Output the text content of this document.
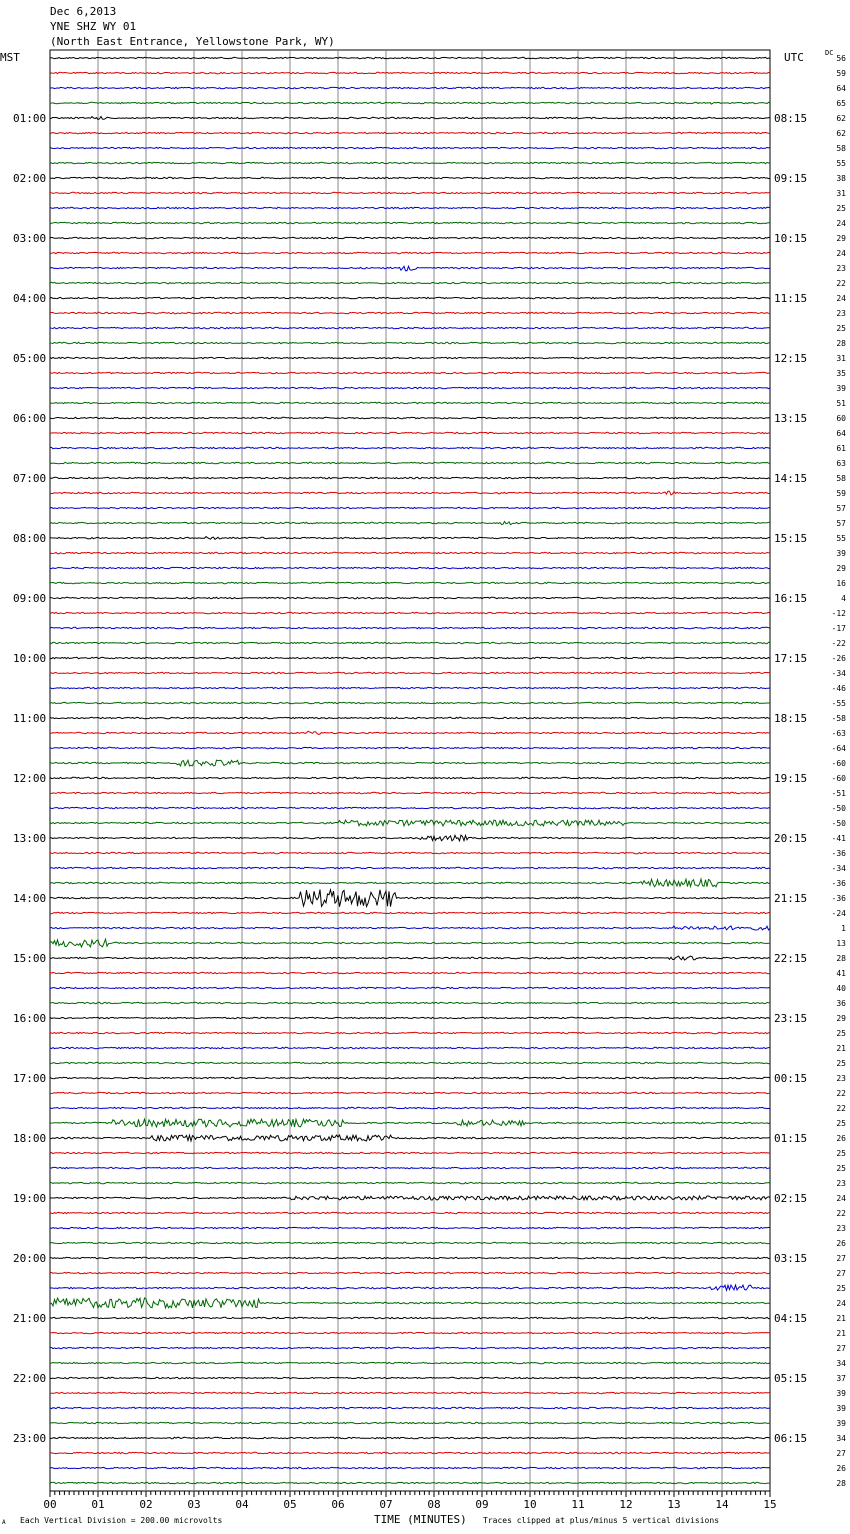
Dec 6,2013
YNE SHZ WY 01
(North East Entrance, Yellowstone Park, WY)
MST	UTC	DC
01:00
02:00
03:00
04:00
05:00
06:00
07:00
08:00
09:00
10:00
11:00
12:00
13:00
14:00
15:00
16:00
17:00
18:00
19:00
20:00
21:00
22:00
23:00
08:15
09:15
10:15
11:15
12:15
13:15
14:15
15:15
16:15
17:15
18:15
19:15
20:15
21:15
22:15
23:15
00:15
01:15
02:15
03:15
04:15
05:15
06:15
56
59
64
65
62
62
58
55
38
31
25
24
29
24
23
22
24
23
25
28
31
35
39
51
60
64
61
63
58
59
57
57
55
39
29
16
4
-12
-17
-22
-26
-34
-46
-55
-58
-63
-64
-60
-60
-51
-50
-50
-41
-36
-34
-36
-36
-24
1
13
28
41
40
36
29
25
21
25
23
22
22
25
26
25
25
23
24
22
23
26
27
27
25
24
21
21
27
34
37
39
39
39
34
27
26
28
00	01	02	03	04	05	06	07	08	09	10	11	12	13	14	15
A Each Vertical Division = 200.00 microvolts	TIME (MINUTES) Traces clipped at plus/minus 5 vertical divisions
